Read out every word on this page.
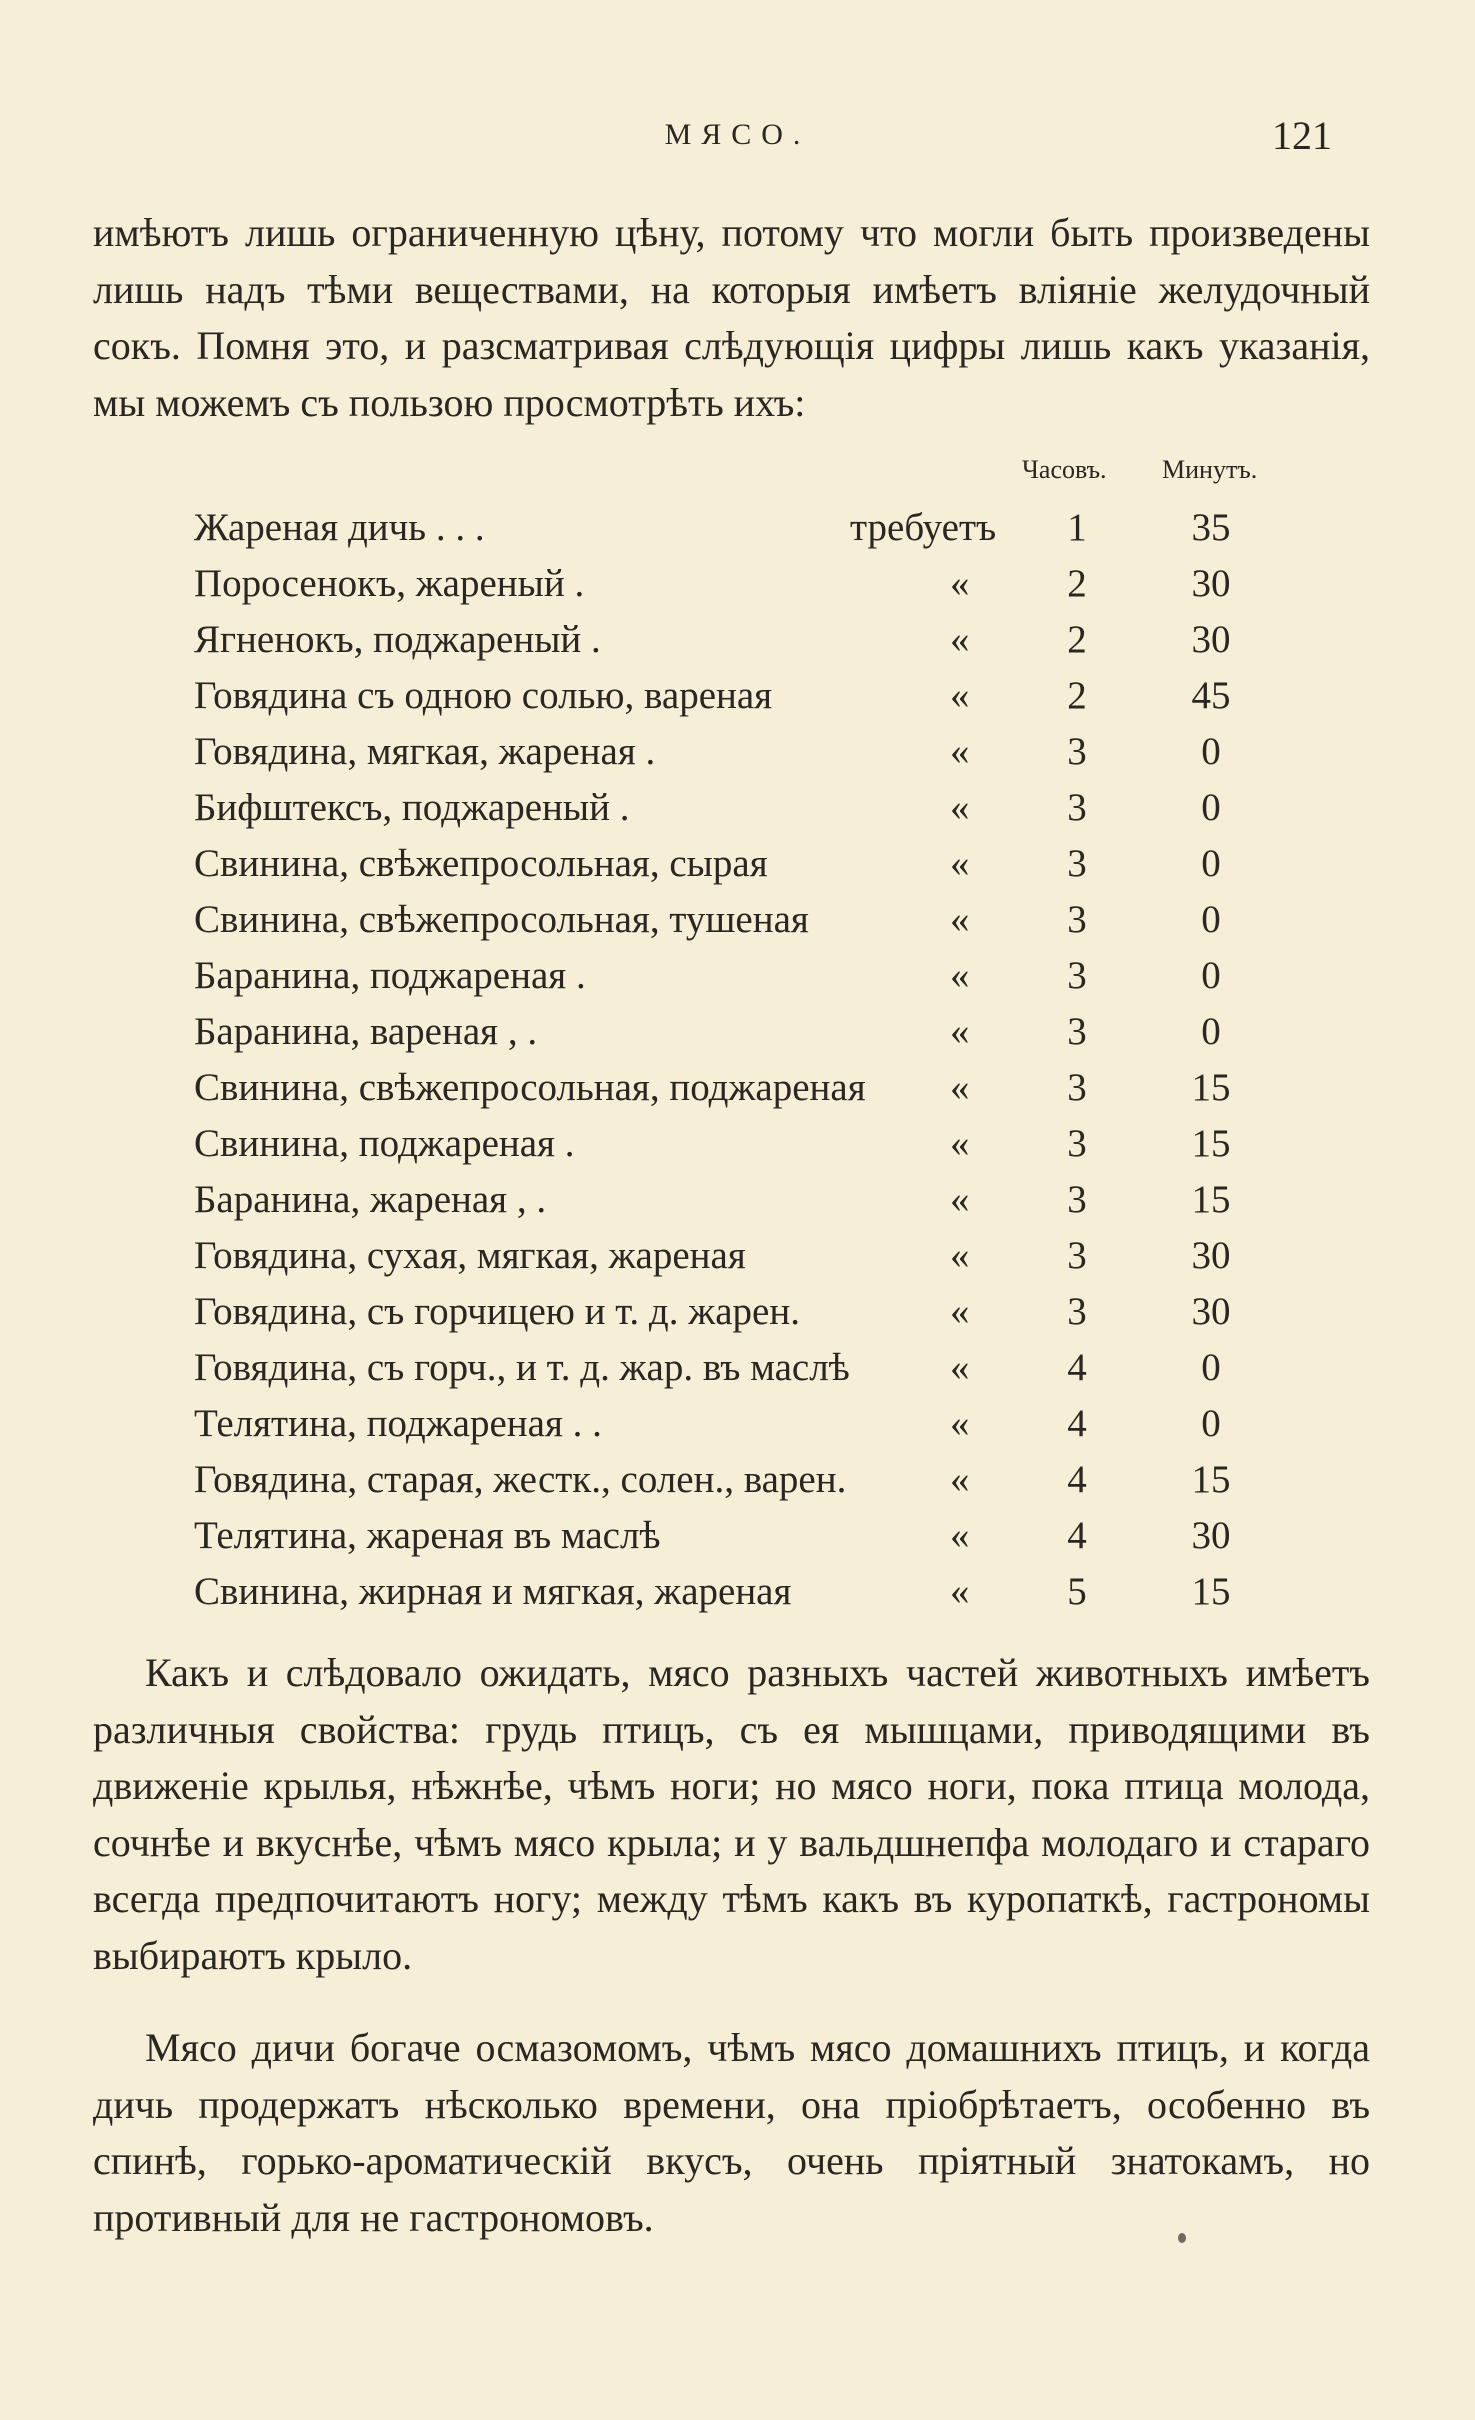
МЯСО.	121

имѣютъ лишь ограниченную цѣну, потому что могли быть произведены лишь надъ тѣми веществами, на которыя имѣетъ вліяніе желудочный сокъ. Помня это, и разсматривая слѣдующія цифры лишь какъ указанія, мы можемъ съ пользою просмотрѣть ихъ:

Часовъ. Минутъ.
Жареная дичь . . .	требуетъ 1	35
Поросенокъ, жареный .	«	2	30
Ягненокъ, поджареный .	«	2	30
Говядина съ одною солью, вареная	«	2	45
Говядина, мягкая, жареная .	«	3	0
Бифштексъ, поджареный .	«	3	0
Свинина, свѣжепросольная, сырая	«	3	0
Свинина, свѣжепросольная, тушеная	«	3	0
Баранина, поджареная .	«	3	0
Баранина, вареная , .	«	3	0
Свинина, свѣжепросольная, поджареная «	3	15
Свинина, поджареная .	«	3	15
Баранина, жареная , .	«	3	15
Говядина, сухая, мягкая, жареная	«	3	30
Говядина, съ горчицею и т. д. жарен.	«	3	30
Говядина, съ горч., и т. д. жар. въ маслѣ	«	4	0
Телятина, поджареная . .	«	4	0
Говядина, старая, жестк., солен., варен.	«	4	15
Телятина, жареная въ маслѣ	«	4	30
Свинина, жирная и мягкая, жареная	«	5	15

Какъ и слѣдовало ожидать, мясо разныхъ частей животныхъ имѣетъ различныя свойства: грудь птицъ, съ ея мышцами, приводящими въ движеніе крылья, нѣжнѣе, чѣмъ ноги; но мясо ноги, пока птица молода, сочнѣе и вкуснѣе, чѣмъ мясо крыла; и у вальдшнепфа молодаго и стараго всегда предпочитаютъ ногу; между тѣмъ какъ въ куропаткѣ, гастрономы выбираютъ крыло.

Мясо дичи богаче осмазомомъ, чѣмъ мясо домашнихъ птицъ, и когда дичь продержатъ нѣсколько времени, она пріобрѣтаетъ, особенно въ спинѣ, горько-ароматическій вкусъ, очень пріятный знатокамъ, но противный для не гастрономовъ.
